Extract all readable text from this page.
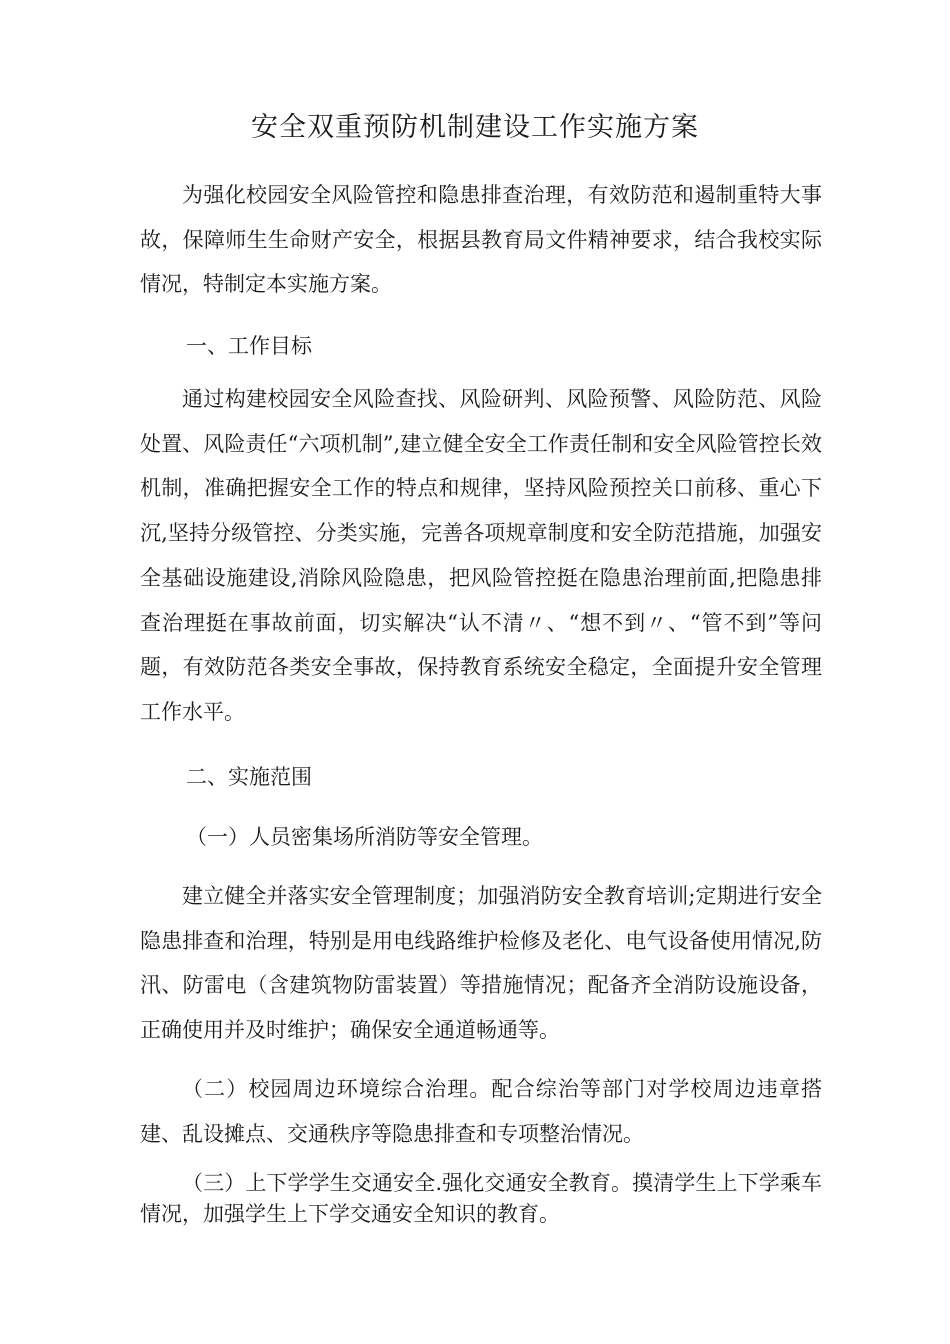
安全双重预防机制建设工作实施方案

为强化校园安全风险管控和隐患排查治理，有效防范和遏制重特大事故，保障师生生命财产安全，根据县教育局文件精神要求，结合我校实际情况，特制定本实施方案。

一、工作目标

通过构建校园安全风险查找、风险研判、风险预警、风险防范、风险处置、风险责任“六项机制”,建立健全安全工作责任制和安全风险管控长效机制，准确把握安全工作的特点和规律，坚持风险预控关口前移、重心下沉,坚持分级管控、分类实施，完善各项规章制度和安全防范措施，加强安全基础设施建设,消除风险隐患，把风险管控挺在隐患治理前面,把隐患排查治理挺在事故前面，切实解决“认不清〃、“想不到〃、“管不到”等问题，有效防范各类安全事故，保持教育系统安全稳定，全面提升安全管理工作水平。

二、实施范围

（一）人员密集场所消防等安全管理。

建立健全并落实安全管理制度；加强消防安全教育培训;定期进行安全隐患排查和治理，特别是用电线路维护检修及老化、电气设备使用情况,防汛、防雷电（含建筑物防雷装置）等措施情况；配备齐全消防设施设备，正确使用并及时维护；确保安全通道畅通等。

（二）校园周边环境综合治理。配合综治等部门对学校周边违章搭建、乱设摊点、交通秩序等隐患排查和专项整治情况。

（三）上下学学生交通安全.强化交通安全教育。摸清学生上下学乘车情况，加强学生上下学交通安全知识的教育。
